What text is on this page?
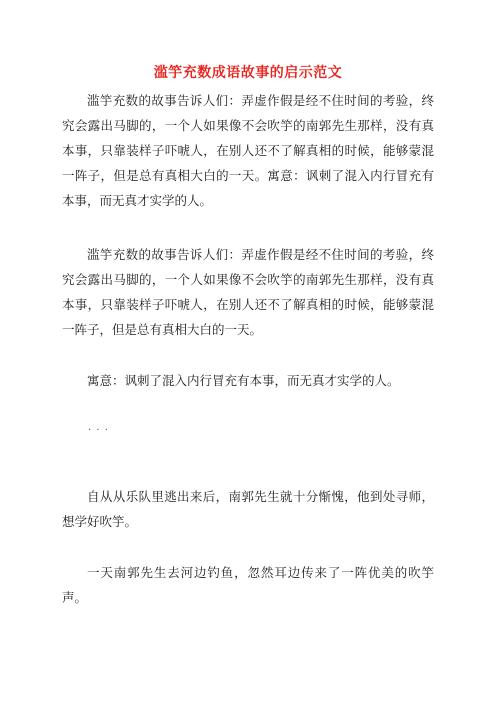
滥竽充数成语故事的启示范文

滥竽充数的故事告诉人们：弄虚作假是经不住时间的考验，终究会露出马脚的，一个人如果像不会吹竽的南郭先生那样，没有真本事，只靠装样子吓唬人，在别人还不了解真相的时候，能够蒙混一阵子，但是总有真相大白的一天。寓意：讽刺了混入内行冒充有本事，而无真才实学的人。

滥竽充数的故事告诉人们：弄虚作假是经不住时间的考验，终究会露出马脚的，一个人如果像不会吹竽的南郭先生那样，没有真本事，只靠装样子吓唬人，在别人还不了解真相的时候，能够蒙混一阵子，但是总有真相大白的一天。

寓意：讽刺了混入内行冒充有本事，而无真才实学的人。

· · ·

自从从乐队里逃出来后，南郭先生就十分惭愧，他到处寻师，想学好吹竽。

一天南郭先生去河边钓鱼，忽然耳边传来了一阵优美的吹竽声。
